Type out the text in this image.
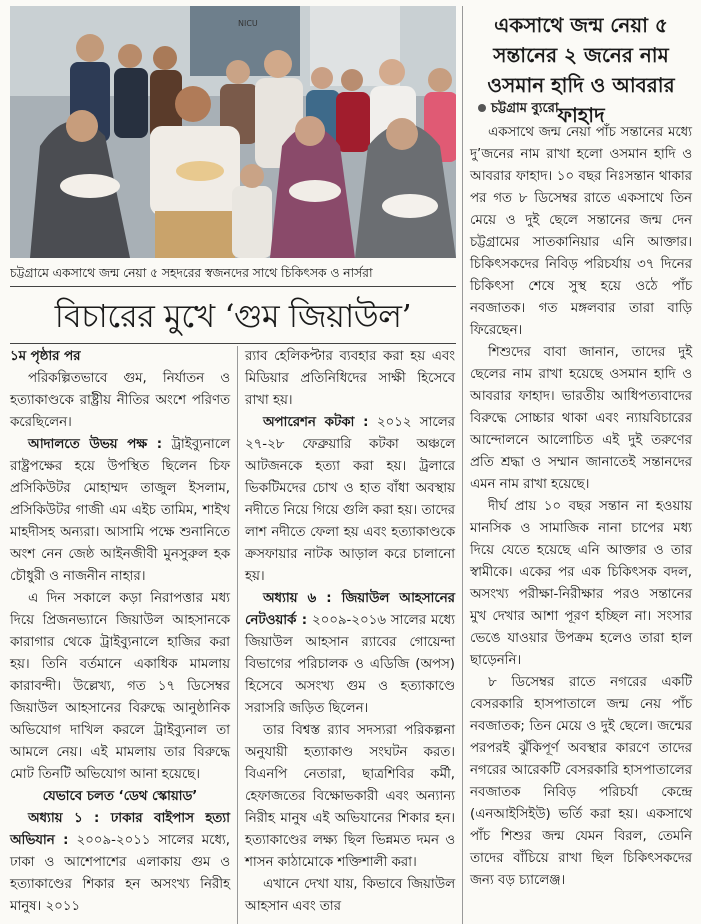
NICU
চট্টগ্রামে একসাথে জন্ম নেয়া ৫ সহদরের স্বজনদের সাথে চিকিৎসক ও নার্সরা
বিচারের মুখে ‘গুম জিয়াউল’

১ম পৃষ্ঠার পর

পরিকল্পিতভাবে গুম, নির্যাতন ও হত্যাকাণ্ডকে রাষ্ট্রীয় নীতির অংশে পরিণত করেছিলেন।

আদালতে উভয় পক্ষ : ট্রাইব্যুনালে রাষ্ট্রপক্ষের হয়ে উপস্থিত ছিলেন চিফ প্রসিকিউটর মোহাম্মদ তাজুল ইসলাম, প্রসিকিউটর গাজী এম এইচ তামিম, শাইখ মাহদীসহ অন্যরা। আসামি পক্ষে শুনানিতে অংশ নেন জেষ্ঠ আইনজীবী মুনসুরুল হক চৌধুরী ও নাজনীন নাহার।

এ দিন সকালে কড়া নিরাপত্তার মধ্য দিয়ে প্রিজনভ্যানে জিয়াউল আহসানকে কারাগার থেকে ট্রাইব্যুনালে হাজির করা হয়। তিনি বর্তমানে একাধিক মামলায় কারাবন্দী। উল্লেখ্য, গত ১৭ ডিসেম্বর জিয়াউল আহসানের বিরুদ্ধে আনুষ্ঠানিক অভিযোগ দাখিল করলে ট্রাইব্যুনাল তা আমলে নেয়। এই মামলায় তার বিরুদ্ধে মোট তিনটি অভিযোগ আনা হয়েছে।

যেভাবে চলত ‘ডেথ স্কোয়াড’

অধ্যায় ১ : ঢাকার বাইপাস হত্যা অভিযান : ২০০৯-২০১১ সালের মধ্যে, ঢাকা ও আশেপাশের এলাকায় গুম ও হত্যাকাণ্ডের শিকার হন অসংখ্য নিরীহ মানুষ। ২০১১

র‍্যাব হেলিকপ্টার ব্যবহার করা হয় এবং মিডিয়ার প্রতিনিধিদের সাক্ষী হিসেবে রাখা হয়।

অপারেশন কটকা : ২০১২ সালের ২৭-২৮ ফেব্রুয়ারি কটকা অঞ্চলে আটজনকে হত্যা করা হয়। ট্রলারে ভিকটিমদের চোখ ও হাত বাঁধা অবস্থায় নদীতে নিয়ে গিয়ে গুলি করা হয়। তাদের লাশ নদীতে ফেলা হয় এবং হত্যাকাণ্ডকে ক্রসফায়ার নাটক আড়াল করে চালানো হয়।

অধ্যায় ৬ : জিয়াউল আহসানের নেটওয়ার্ক : ২০০৯-২০১৬ সালের মধ্যে জিয়াউল আহসান র‍্যাবের গোয়েন্দা বিভাগের পরিচালক ও এডিজি (অপস) হিসেবে অসংখ্য গুম ও হত্যাকাণ্ডে সরাসরি জড়িত ছিলেন।

তার বিশ্বস্ত র‍্যাব সদস্যরা পরিকল্পনা অনুযায়ী হত্যাকাণ্ড সংঘটন করত। বিএনপি নেতারা, ছাত্রশিবির কর্মী, হেফাজতের বিক্ষোভকারী এবং অন্যান্য নিরীহ মানুষ এই অভিযানের শিকার হন। হত্যাকাণ্ডের লক্ষ্য ছিল ভিন্নমত দমন ও শাসন কাঠামোকে শক্তিশালী করা।

এখানে দেখা যায়, কিভাবে জিয়াউল আহসান এবং তার

একসাথে জন্ম নেয়া ৫ সন্তানের ২ জনের নাম ওসমান হাদি ও আবরার ফাহাদ
চট্টগ্রাম ব্যুরো

একসাথে জন্ম নেয়া পাঁচ সন্তানের মধ্যে দু’জনের নাম রাখা হলো ওসমান হাদি ও আবরার ফাহাদ। ১০ বছর নিঃসন্তান থাকার পর গত ৮ ডিসেম্বর রাতে একসাথে তিন মেয়ে ও দুই ছেলে সন্তানের জন্ম দেন চট্টগ্রামের সাতকানিয়ার এনি আক্তার। চিকিৎসকদের নিবিড় পরিচর্যায় ৩৭ দিনের চিকিৎসা শেষে সুস্থ হয়ে ওঠে পাঁচ নবজাতক। গত মঙ্গলবার তারা বাড়ি ফিরেছেন।

শিশুদের বাবা জানান, তাদের দুই ছেলের নাম রাখা হয়েছে ওসমান হাদি ও আবরার ফাহাদ। ভারতীয় আধিপত্যবাদের বিরুদ্ধে সোচ্চার থাকা এবং ন্যায়বিচারের আন্দোলনে আলোচিত এই দুই তরুণের প্রতি শ্রদ্ধা ও সম্মান জানাতেই সন্তানদের এমন নাম রাখা হয়েছে।

দীর্ঘ প্রায় ১০ বছর সন্তান না হওয়ায় মানসিক ও সামাজিক নানা চাপের মধ্য দিয়ে যেতে হয়েছে এনি আক্তার ও তার স্বামীকে। একের পর এক চিকিৎসক বদল, অসংখ্য পরীক্ষা-নিরীক্ষার পরও সন্তানের মুখ দেখার আশা পূরণ হচ্ছিল না। সংসার ভেঙে যাওয়ার উপক্রম হলেও তারা হাল ছাড়েননি।

৮ ডিসেম্বর রাতে নগরের একটি বেসরকারি হাসপাতালে জন্ম নেয় পাঁচ নবজাতক; তিন মেয়ে ও দুই ছেলে। জন্মের পরপরই ঝুঁকিপূর্ণ অবস্থার কারণে তাদের নগরের আরেকটি বেসরকারি হাসপাতালের নবজাতক নিবিড় পরিচর্যা কেন্দ্রে (এনআইসিইউ) ভর্তি করা হয়। একসাথে পাঁচ শিশুর জন্ম যেমন বিরল, তেমনি তাদের বাঁচিয়ে রাখা ছিল চিকিৎসকদের জন্য বড় চ্যালেঞ্জ।
